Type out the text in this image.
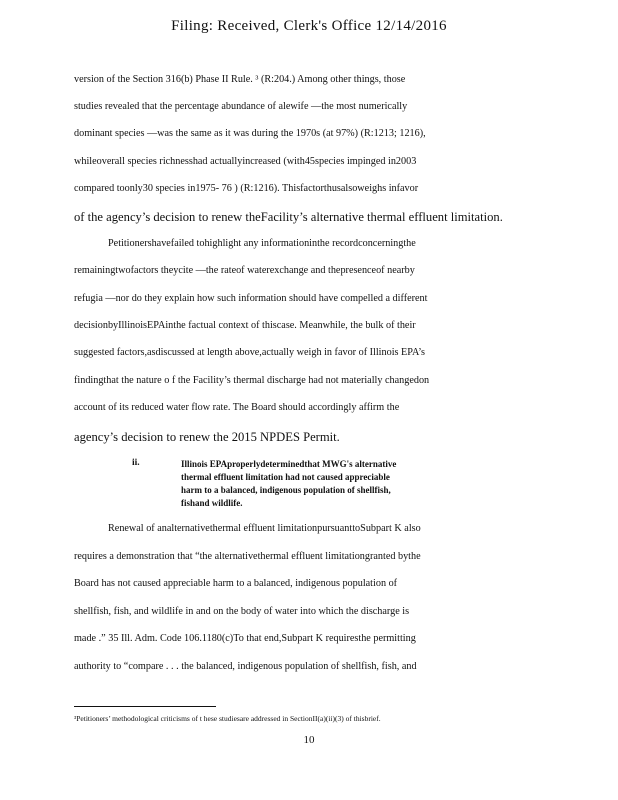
Filing: Received, Clerk's Office 12/14/2016
version of the Section 316(b) Phase II Rule. ³ (R:204.) Among other things, those
studies revealed that the percentage abundance of alewife —the most numerically
dominant species —was the same as it was during the 1970s (at 97%) (R:1213; 1216),
whileoverall species richnesshad actuallyincreased (with45species impinged in2003
compared toonly30 species in1975- 76 ) (R:1216). Thisfactorthusalsoweighs infavor
of the agency’s decision to renew theFacility’s alternative thermal effluent limitation.
Petitionershavefailed tohighlight any informationinthe recordconcerningthe
remainingtwofactors theycite —the rateof waterexchange and thepresenceof nearby
refugia —nor do they explain how such information should have compelled a different
decisionbyIllinoisEPAinthe factual context of thiscase. Meanwhile, the bulk of their
suggested factors,asdiscussed at length above,actually weigh in favor of Illinois EPA’s
findingthat the nature o f the Facility’s thermal discharge had not materially changedon
account of its reduced water flow rate. The Board should accordingly affirm the
agency’s decision to renew the 2015 NPDES Permit.
Renewal of analternativethermal effluent limitationpursuanttoSubpart K also
requires a demonstration that “the alternativethermal effluent limitationgranted bythe
Board has not caused appreciable harm to a balanced, indigenous population of
shellfish, fish, and wildlife in and on the body of water into which the discharge is
made .” 35 Ill. Adm. Code 106.1180(c)To that end,Subpart K requiresthe permitting
authority to “compare . . . the balanced, indigenous population of shellfish, fish, and
ii.	Illinois EPAproperlydeterminedthat MWG's alternative
thermal effluent limitation had not caused appreciable
harm to a balanced, indigenous population of shellfish,
fishand wildlife.
³Petitioners’ methodological criticisms of t hese studiesare addressed in SectionII(a)(ii)(3) of thisbrief.
10
